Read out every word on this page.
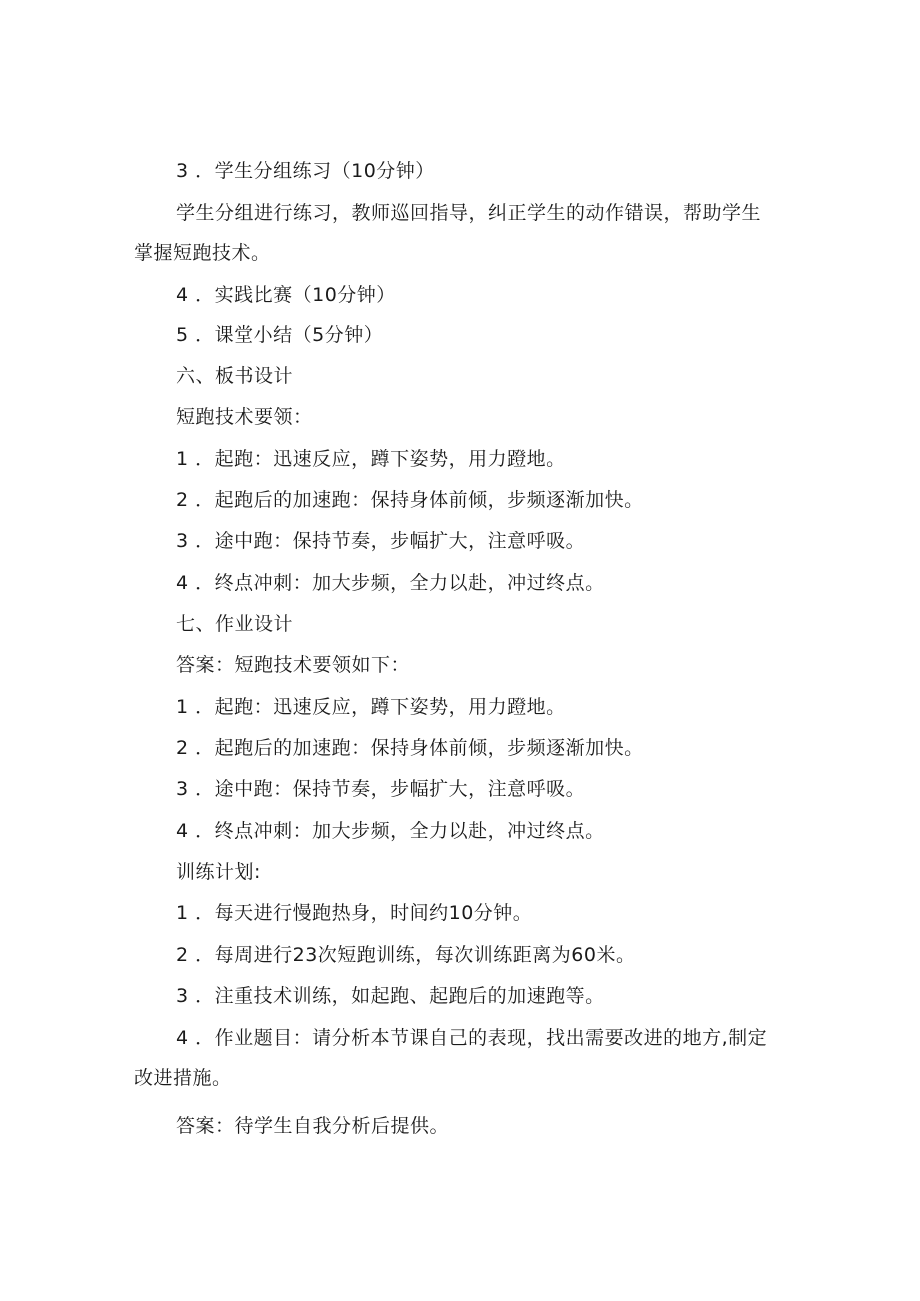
3 ．学生分组练习（10分钟）
学生分组进行练习，教师巡回指导，纠正学生的动作错误，帮助学生
掌握短跑技术。
4 ．实践比赛（10分钟）
5 ．课堂小结（5分钟）
六、板书设计
短跑技术要领：
1 ．起跑：迅速反应，蹲下姿势，用力蹬地。
2 ．起跑后的加速跑：保持身体前倾，步频逐渐加快。
3 ．途中跑：保持节奏，步幅扩大，注意呼吸。
4 ．终点冲刺：加大步频，全力以赴，冲过终点。
七、作业设计
答案：短跑技术要领如下：
1 ．起跑：迅速反应，蹲下姿势，用力蹬地。
2 ．起跑后的加速跑：保持身体前倾，步频逐渐加快。
3 ．途中跑：保持节奏，步幅扩大，注意呼吸。
4 ．终点冲刺：加大步频，全力以赴，冲过终点。
训练计划:
1 ．每天进行慢跑热身，时间约10分钟。
2 ．每周进行23次短跑训练，每次训练距离为60米。
3 ．注重技术训练，如起跑、起跑后的加速跑等。
4 ．作业题目：请分析本节课自己的表现，找出需要改进的地方,制定
改进措施。
答案：待学生自我分析后提供。
